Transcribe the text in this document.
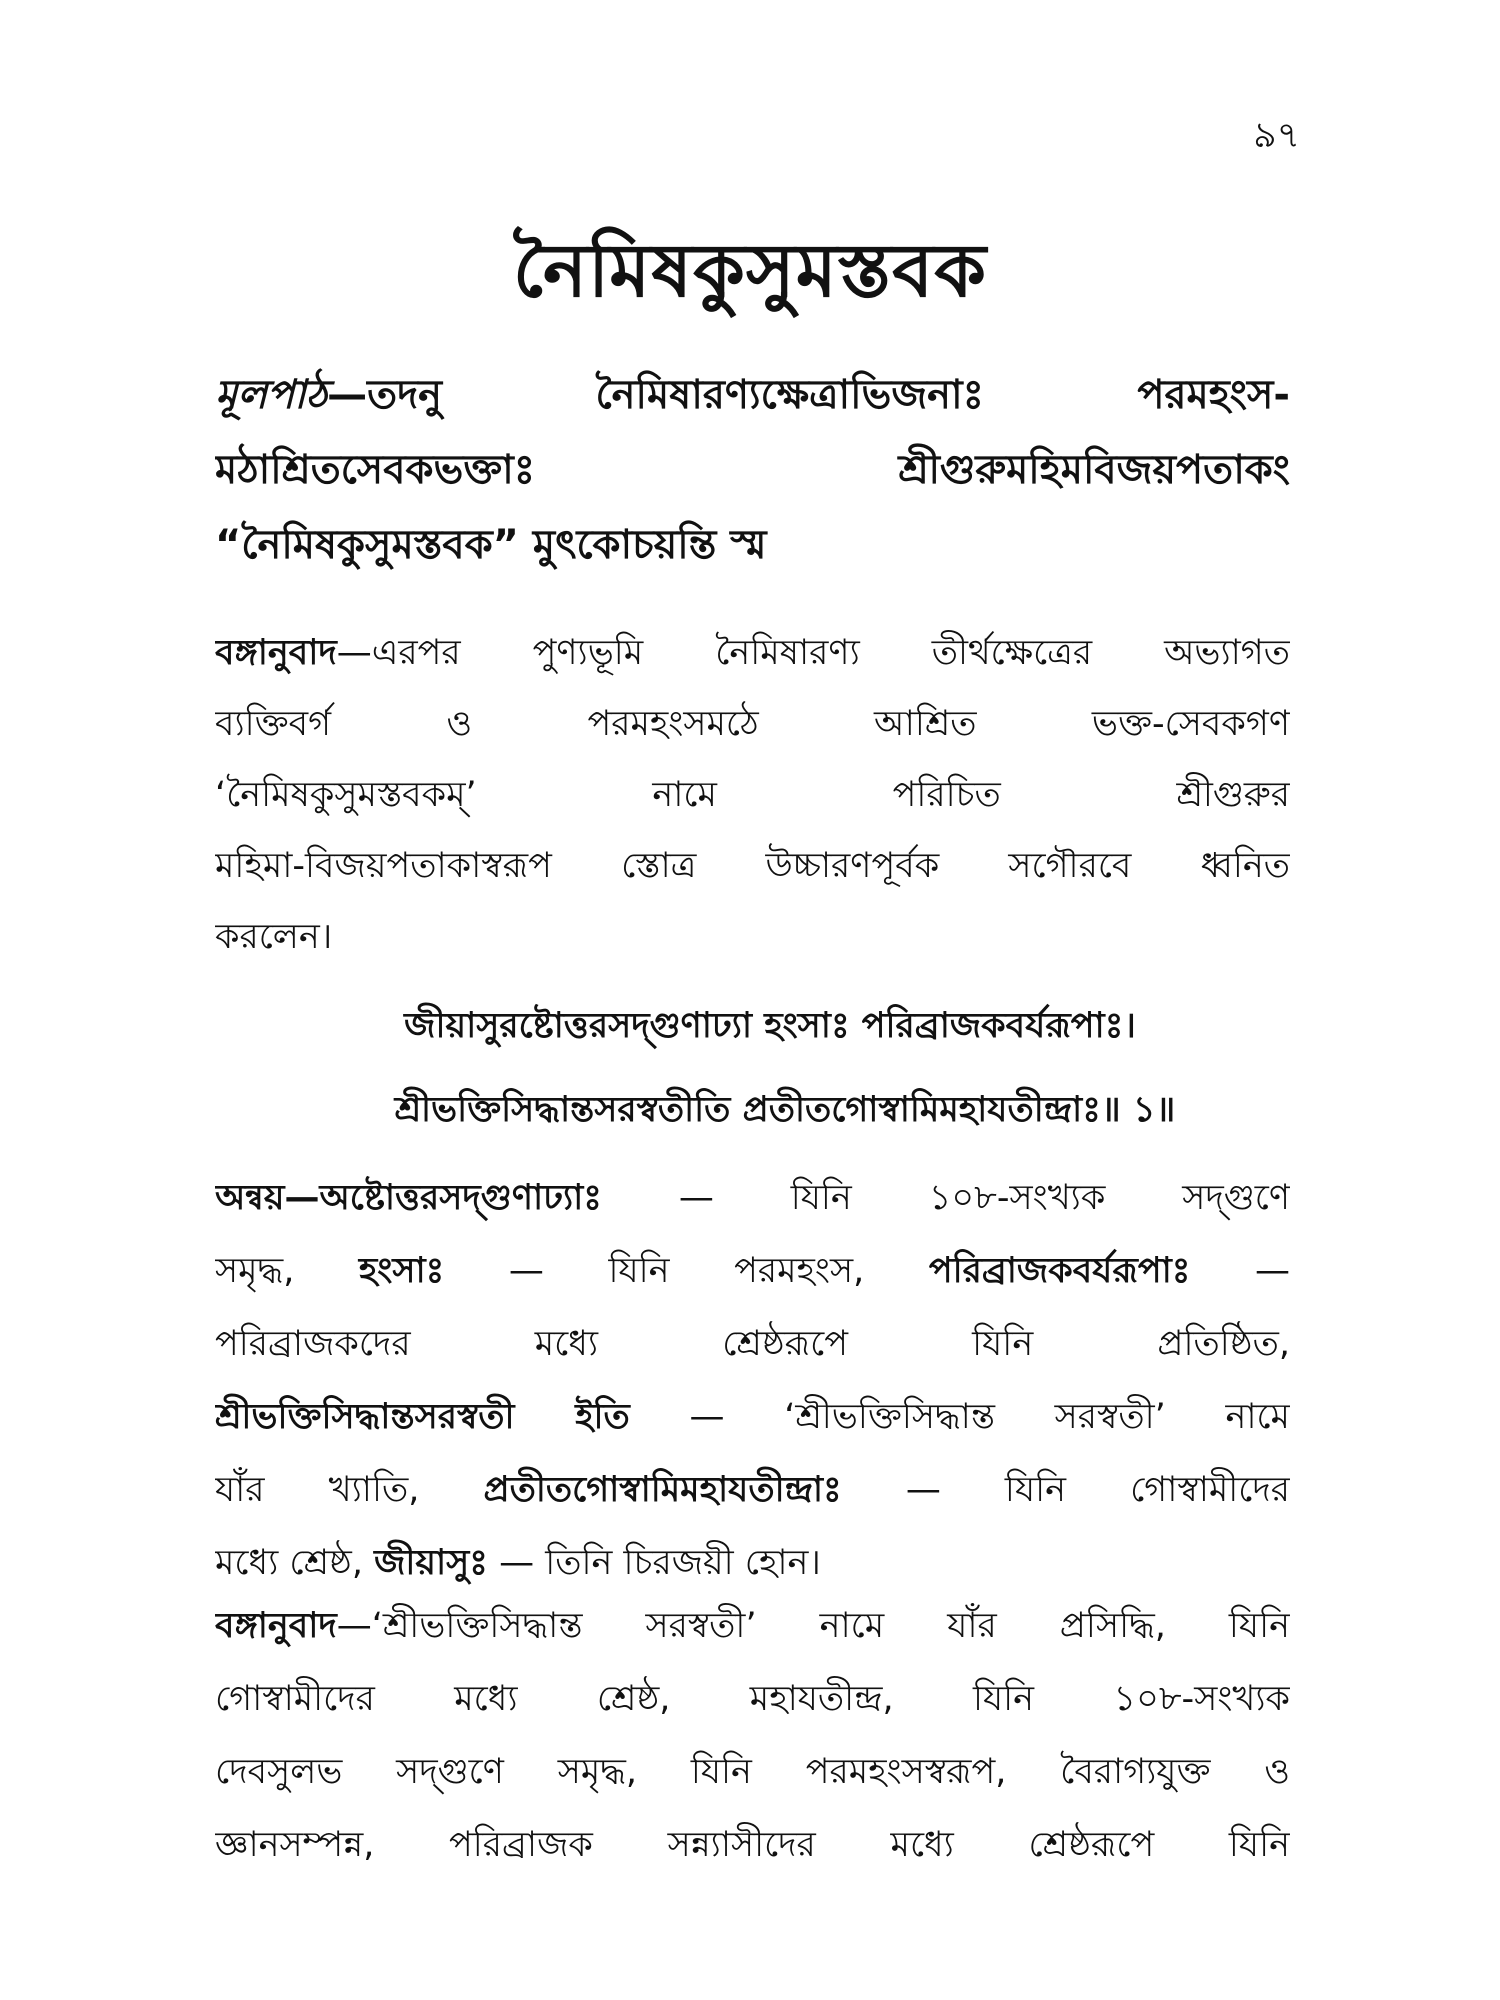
৯৭
নৈমিষকুসুমস্তবক
মূলপাঠ—তদনু নৈমিষারণ্যক্ষেত্রাভিজনাঃ পরমহংস-
মঠাশ্রিতসেবকভক্তাঃ শ্রীগুরুমহিমবিজয়পতাকং
“নৈমিষকুসুমস্তবক” মুৎকোচয়ন্তি স্ম
বঙ্গানুবাদ—এরপর পুণ্যভূমি নৈমিষারণ্য তীর্থক্ষেত্রের অভ্যাগত
ব্যক্তিবর্গ ও পরমহংসমঠে আশ্রিত ভক্ত-সেবকগণ
‘নৈমিষকুসুমস্তবকম্’ নামে পরিচিত শ্রীগুরুর
মহিমা-বিজয়পতাকাস্বরূপ স্তোত্র উচ্চারণপূর্বক সগৌরবে ধ্বনিত
করলেন।
জীয়াসুরষ্টোত্তরসদ্গুণাঢ্যা হংসাঃ পরিব্রাজকবর্যরূপাঃ।
শ্রীভক্তিসিদ্ধান্তসরস্বতীতি প্রতীতগোস্বামিমহাযতীন্দ্রাঃ॥ ১॥
অন্বয়—অষ্টোত্তরসদ্গুণাঢ্যাঃ — যিনি ১০৮-সংখ্যক সদ্গুণে
সমৃদ্ধ, হংসাঃ — যিনি পরমহংস, পরিব্রাজকবর্যরূপাঃ —
পরিব্রাজকদের মধ্যে শ্রেষ্ঠরূপে যিনি প্রতিষ্ঠিত,
শ্রীভক্তিসিদ্ধান্তসরস্বতী ইতি — ‘শ্রীভক্তিসিদ্ধান্ত সরস্বতী’ নামে
যাঁর খ্যাতি, প্রতীতগোস্বামিমহাযতীন্দ্রাঃ — যিনি গোস্বামীদের
মধ্যে শ্রেষ্ঠ, জীয়াসুঃ — তিনি চিরজয়ী হোন।
বঙ্গানুবাদ—‘শ্রীভক্তিসিদ্ধান্ত সরস্বতী’ নামে যাঁর প্রসিদ্ধি, যিনি
গোস্বামীদের মধ্যে শ্রেষ্ঠ, মহাযতীন্দ্র, যিনি ১০৮-সংখ্যক
দেবসুলভ সদ্গুণে সমৃদ্ধ, যিনি পরমহংসস্বরূপ, বৈরাগ্যযুক্ত ও
জ্ঞানসম্পন্ন, পরিব্রাজক সন্ন্যাসীদের মধ্যে শ্রেষ্ঠরূপে যিনি
